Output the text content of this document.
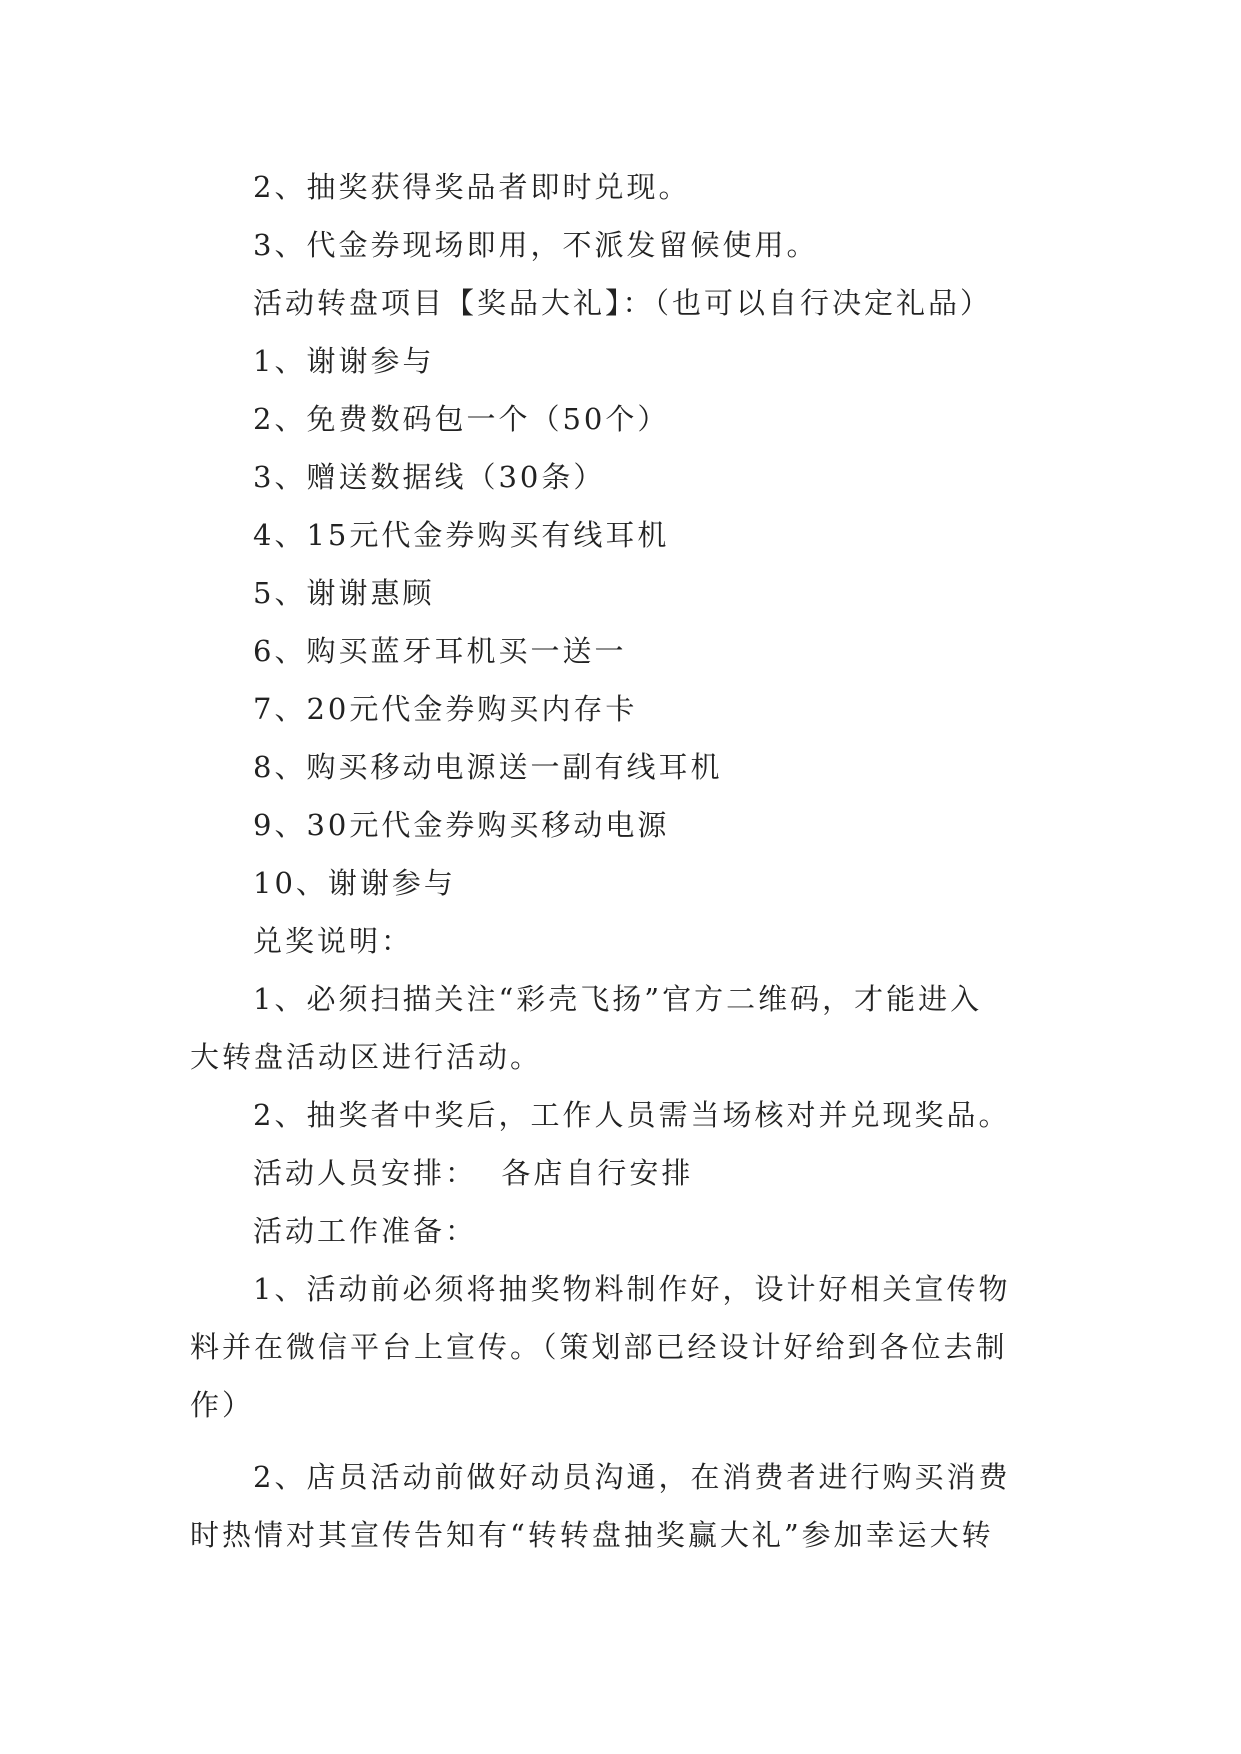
2、抽奖获得奖品者即时兑现。
3、代金券现场即用，不派发留候使用。
活动转盘项目【奖品大礼】：（也可以自行决定礼品）
1、谢谢参与
2、免费数码包一个（50个）
3、赠送数据线（30条）
4、15元代金券购买有线耳机
5、谢谢惠顾
6、购买蓝牙耳机买一送一
7、20元代金券购买内存卡
8、购买移动电源送一副有线耳机
9、30元代金券购买移动电源
10、谢谢参与
兑奖说明：
1、必须扫描关注“彩壳飞扬”官方二维码，才能进入
大转盘活动区进行活动。
2、抽奖者中奖后，工作人员需当场核对并兑现奖品。
活动人员安排：  各店自行安排
活动工作准备：
1、活动前必须将抽奖物料制作好，设计好相关宣传物
料并在微信平台上宣传。（策划部已经设计好给到各位去制
作）
2、店员活动前做好动员沟通，在消费者进行购买消费
时热情对其宣传告知有“转转盘抽奖赢大礼”参加幸运大转
